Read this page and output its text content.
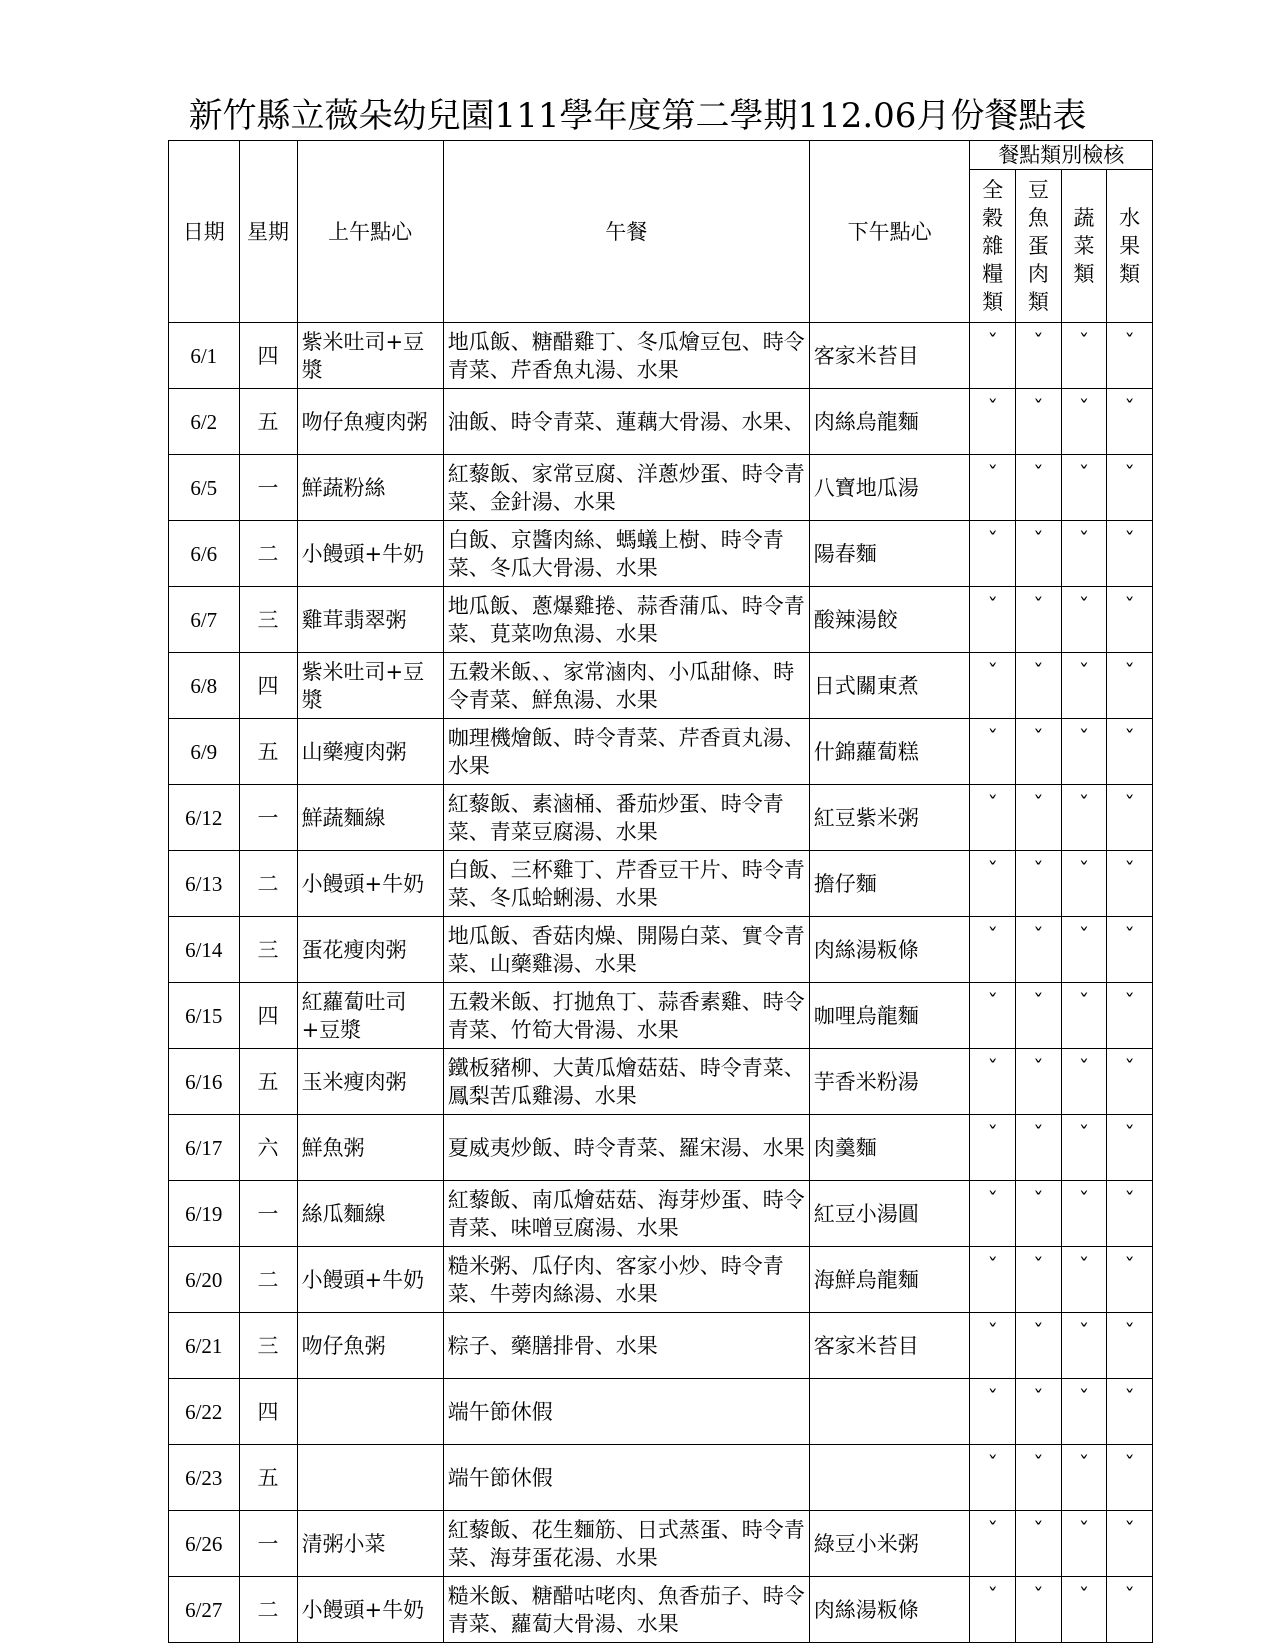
新竹縣立薇朵幼兒園111學年度第二學期112.06月份餐點表
日期	星期	上午點心	午餐	下午點心	餐點類別檢核			

					全
穀
雜
糧
類	豆
魚
蛋
肉
類	蔬
菜
類	水
果
類

6/1	四	紫米吐司+豆漿	地瓜飯、糖醋雞丁、冬瓜燴豆包、時令青菜、芹香魚丸湯、水果	客家米苔目	ˇ	ˇ	ˇ	ˇ
6/2	五	吻仔魚瘦肉粥	油飯、時令青菜、蓮藕大骨湯、水果、	肉絲烏龍麵	ˇ	ˇ	ˇ	ˇ
6/5	一	鮮蔬粉絲	紅藜飯、家常豆腐、洋蔥炒蛋、時令青菜、金針湯、水果	八寶地瓜湯	ˇ	ˇ	ˇ	ˇ
6/6	二	小饅頭+牛奶	白飯、京醬肉絲、螞蟻上樹、時令青菜、冬瓜大骨湯、水果	陽春麵	ˇ	ˇ	ˇ	ˇ
6/7	三	雞茸翡翠粥	地瓜飯、蔥爆雞捲、蒜香蒲瓜、時令青菜、莧菜吻魚湯、水果	酸辣湯餃	ˇ	ˇ	ˇ	ˇ
6/8	四	紫米吐司+豆漿	五穀米飯、、家常滷肉、小瓜甜條、時令青菜、鮮魚湯、水果	日式關東煮	ˇ	ˇ	ˇ	ˇ
6/9	五	山藥瘦肉粥	咖理機燴飯、時令青菜、芹香貢丸湯、水果	什錦蘿蔔糕	ˇ	ˇ	ˇ	ˇ
6/12	一	鮮蔬麵線	紅藜飯、素滷桶、番茄炒蛋、時令青菜、青菜豆腐湯、水果	紅豆紫米粥	ˇ	ˇ	ˇ	ˇ
6/13	二	小饅頭+牛奶	白飯、三杯雞丁、芹香豆干片、時令青菜、冬瓜蛤蜊湯、水果	擔仔麵	ˇ	ˇ	ˇ	ˇ
6/14	三	蛋花瘦肉粥	地瓜飯、香菇肉燥、開陽白菜、實令青菜、山藥雞湯、水果	肉絲湯粄條	ˇ	ˇ	ˇ	ˇ
6/15	四	紅蘿蔔吐司+豆漿	五穀米飯、打拋魚丁、蒜香素雞、時令青菜、竹筍大骨湯、水果	咖哩烏龍麵	ˇ	ˇ	ˇ	ˇ
6/16	五	玉米瘦肉粥	鐵板豬柳、大黃瓜燴菇菇、時令青菜、鳳梨苦瓜雞湯、水果	芋香米粉湯	ˇ	ˇ	ˇ	ˇ
6/17	六	鮮魚粥	夏威夷炒飯、時令青菜、羅宋湯、水果	肉羹麵	ˇ	ˇ	ˇ	ˇ
6/19	一	絲瓜麵線	紅藜飯、南瓜燴菇菇、海芽炒蛋、時令青菜、味噌豆腐湯、水果	紅豆小湯圓	ˇ	ˇ	ˇ	ˇ
6/20	二	小饅頭+牛奶	糙米粥、瓜仔肉、客家小炒、時令青菜、牛蒡肉絲湯、水果	海鮮烏龍麵	ˇ	ˇ	ˇ	ˇ
6/21	三	吻仔魚粥	粽子、藥膳排骨、水果	客家米苔目	ˇ	ˇ	ˇ	ˇ
6/22	四		端午節休假		ˇ	ˇ	ˇ	ˇ
6/23	五		端午節休假		ˇ	ˇ	ˇ	ˇ
6/26	一	清粥小菜	紅藜飯、花生麵筋、日式蒸蛋、時令青菜、海芽蛋花湯、水果	綠豆小米粥	ˇ	ˇ	ˇ	ˇ
6/27	二	小饅頭+牛奶	糙米飯、糖醋咕咾肉、魚香茄子、時令青菜、蘿蔔大骨湯、水果	肉絲湯粄條	ˇ	ˇ	ˇ	ˇ
